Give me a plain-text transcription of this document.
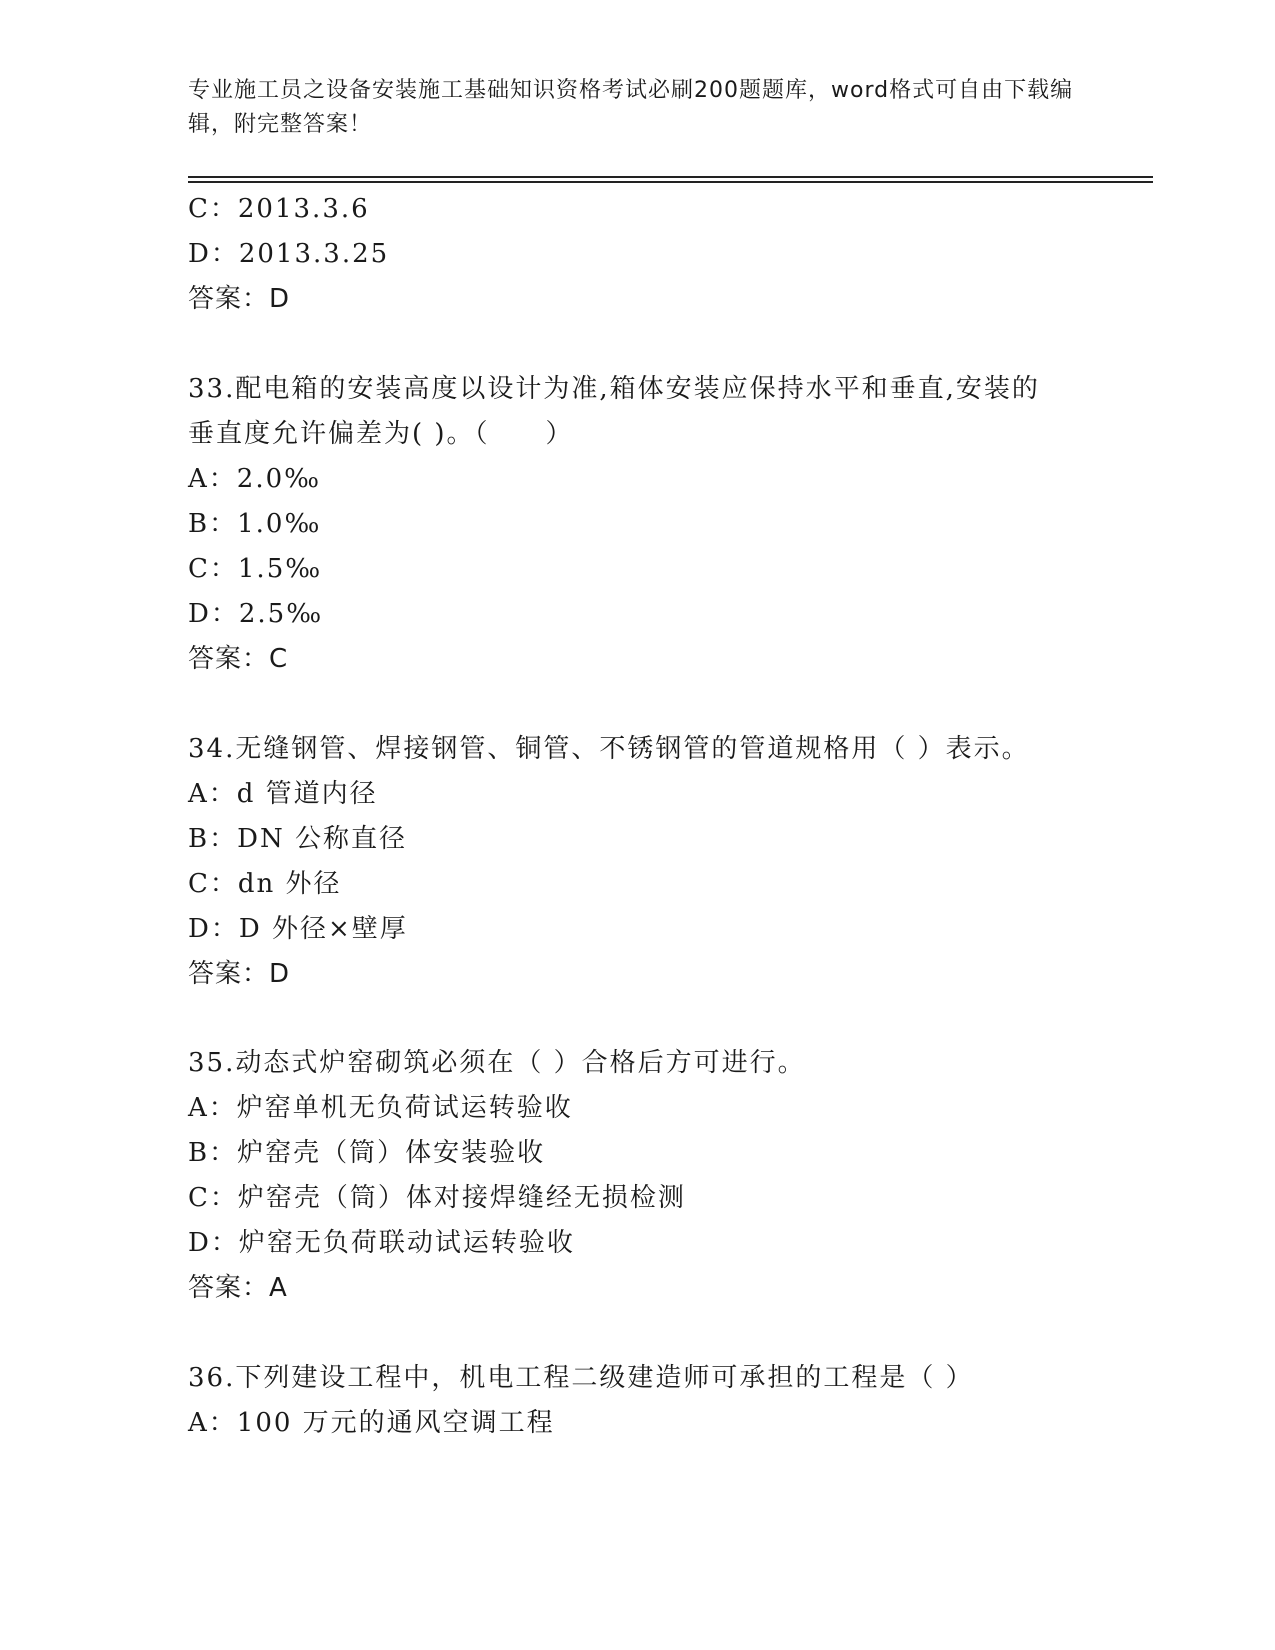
专业施工员之设备安装施工基础知识资格考试必刷200题题库，word格式可自由下载编辑，附完整答案！
C：2013.3.6
D：2013.3.25
答案：D
33.配电箱的安装高度以设计为准,箱体安装应保持水平和垂直,安装的
垂直度允许偏差为( )。（　　）
A：2.0‰
B：1.0‰
C：1.5‰
D：2.5‰
答案：C
34.无缝钢管、焊接钢管、铜管、不锈钢管的管道规格用（ ）表示。
A：d 管道内径
B：DN 公称直径
C：dn 外径
D：D 外径×壁厚
答案：D
35.动态式炉窑砌筑必须在（ ）合格后方可进行。
A：炉窑单机无负荷试运转验收
B：炉窑壳（筒）体安装验收
C：炉窑壳（筒）体对接焊缝经无损检测
D：炉窑无负荷联动试运转验收
答案：A
36.下列建设工程中，机电工程二级建造师可承担的工程是（ ）
A：100 万元的通风空调工程
